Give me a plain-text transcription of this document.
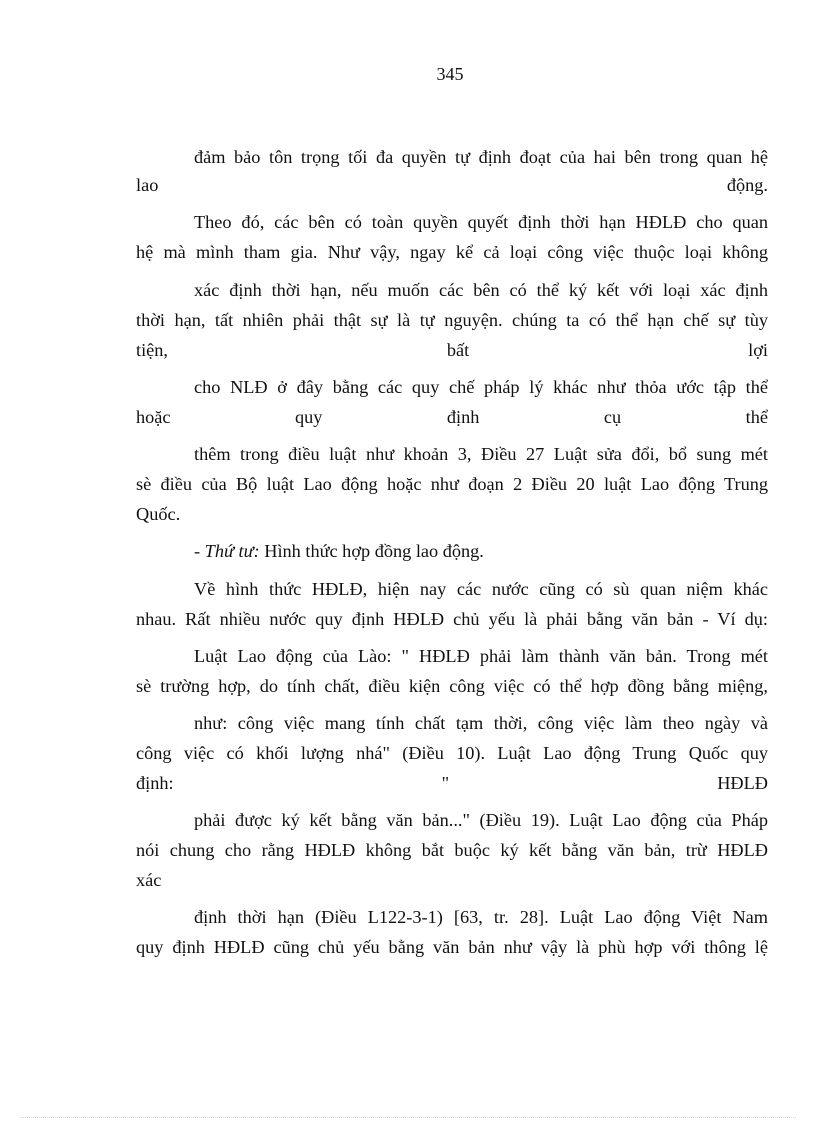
345
đảm bảo tôn trọng tối đa quyền tự định đoạt của hai bên trong quan hệ
lao	động.
Theo đó, các bên có toàn quyền quyết định thời hạn HĐLĐ cho quan
hệ mà mình tham gia. Như vậy, ngay kể cả loại công việc thuộc loại không
xác định thời hạn, nếu muốn các bên có thể ký kết với loại xác định
thời hạn, tất nhiên phải thật sự là tự nguyện. chúng ta có thể hạn chế sự tùy
tiện,	bất	lợi
cho NLĐ ở đây bằng các quy chế pháp lý khác như thỏa ước tập thể
hoặc	quy	định	cụ	thể
thêm trong điều luật như khoản 3, Điều 27 Luật sửa đổi, bổ sung mét
sè điều của Bộ luật Lao động hoặc như đoạn 2 Điều 20 luật Lao động Trung
Quốc.
- Thứ tư: Hình thức hợp đồng lao động.
Về hình thức HĐLĐ, hiện nay các nước cũng có sù quan niệm khác
nhau. Rất nhiều nước quy định HĐLĐ chủ yếu là phải bằng văn bản - Ví dụ:
Luật Lao động của Lào: " HĐLĐ phải làm thành văn bản. Trong mét
sè trường hợp, do tính chất, điều kiện công việc có thể hợp đồng bằng miệng,
như: công việc mang tính chất tạm thời, công việc làm theo ngày và
công việc có khối lượng nhá" (Điều 10). Luật Lao động Trung Quốc quy
định:	"	HĐLĐ
phải được ký kết bằng văn bản..." (Điều 19). Luật Lao động của Pháp
nói chung cho rằng HĐLĐ không bắt buộc ký kết bằng văn bản, trừ HĐLĐ
xác
định thời hạn (Điều L122-3-1) [63, tr. 28]. Luật Lao động Việt Nam
quy định HĐLĐ cũng chủ yếu bằng văn bản như vậy là phù hợp với thông lệ
